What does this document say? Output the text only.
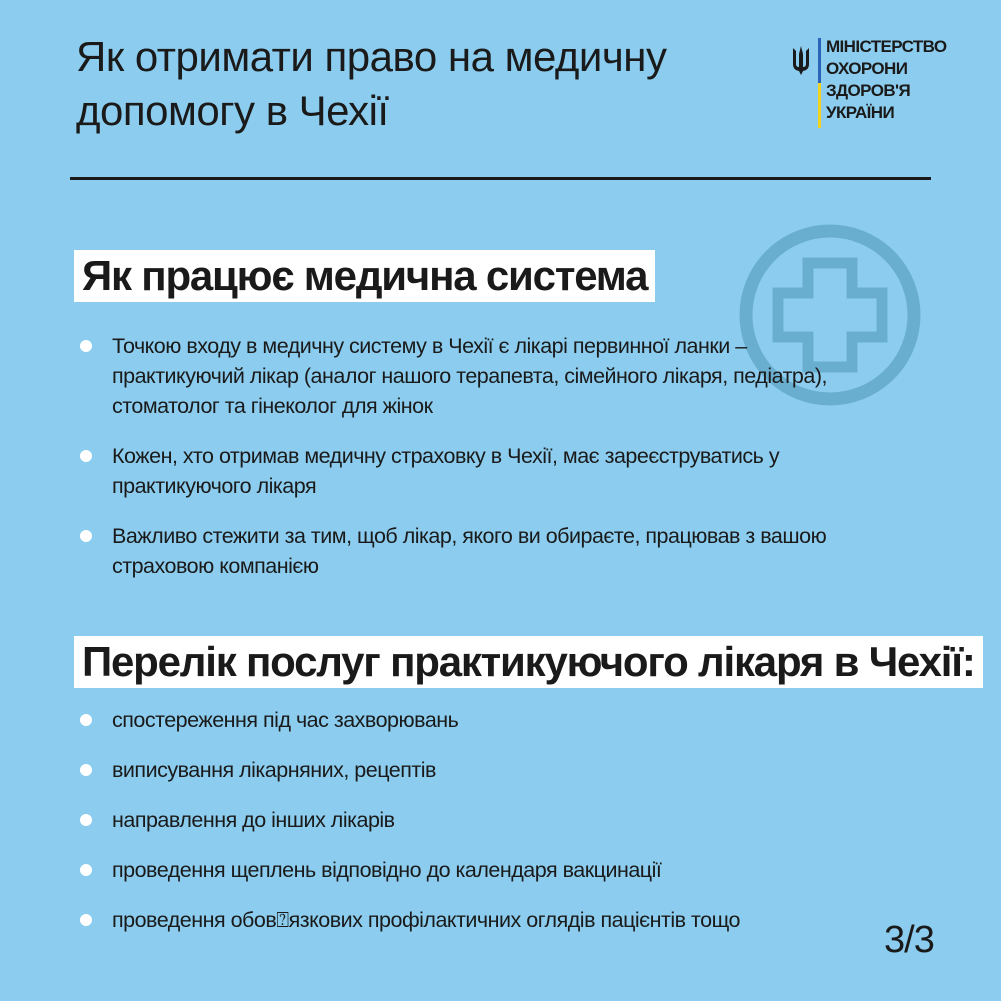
Як отримати право на медичну допомогу в Чехії
МІНІСТЕРСТВО
ОХОРОНИ
ЗДОРОВ'Я
УКРАЇНИ
Як працює медична система
Точкою входу в медичну систему в Чехії є лікарі первинної ланки – практикуючий лікар (аналог нашого терапевта, сімейного лікаря, педіатра), стоматолог та гінеколог для жінок
Кожен, хто отримав медичну страховку в Чехії, має зареєструватись у практикуючого лікаря
Важливо стежити за тим, щоб лікар, якого ви обираєте, працював з вашою страховою компанією
Перелік послуг практикуючого лікаря в Чехії:
спостереження під час захворювань
виписування лікарняних, рецептів
направлення до інших лікарів
проведення щеплень відповідно до календаря вакцинації
проведення обов⍰язкових профілактичних оглядів пацієнтів тощо	3/3
